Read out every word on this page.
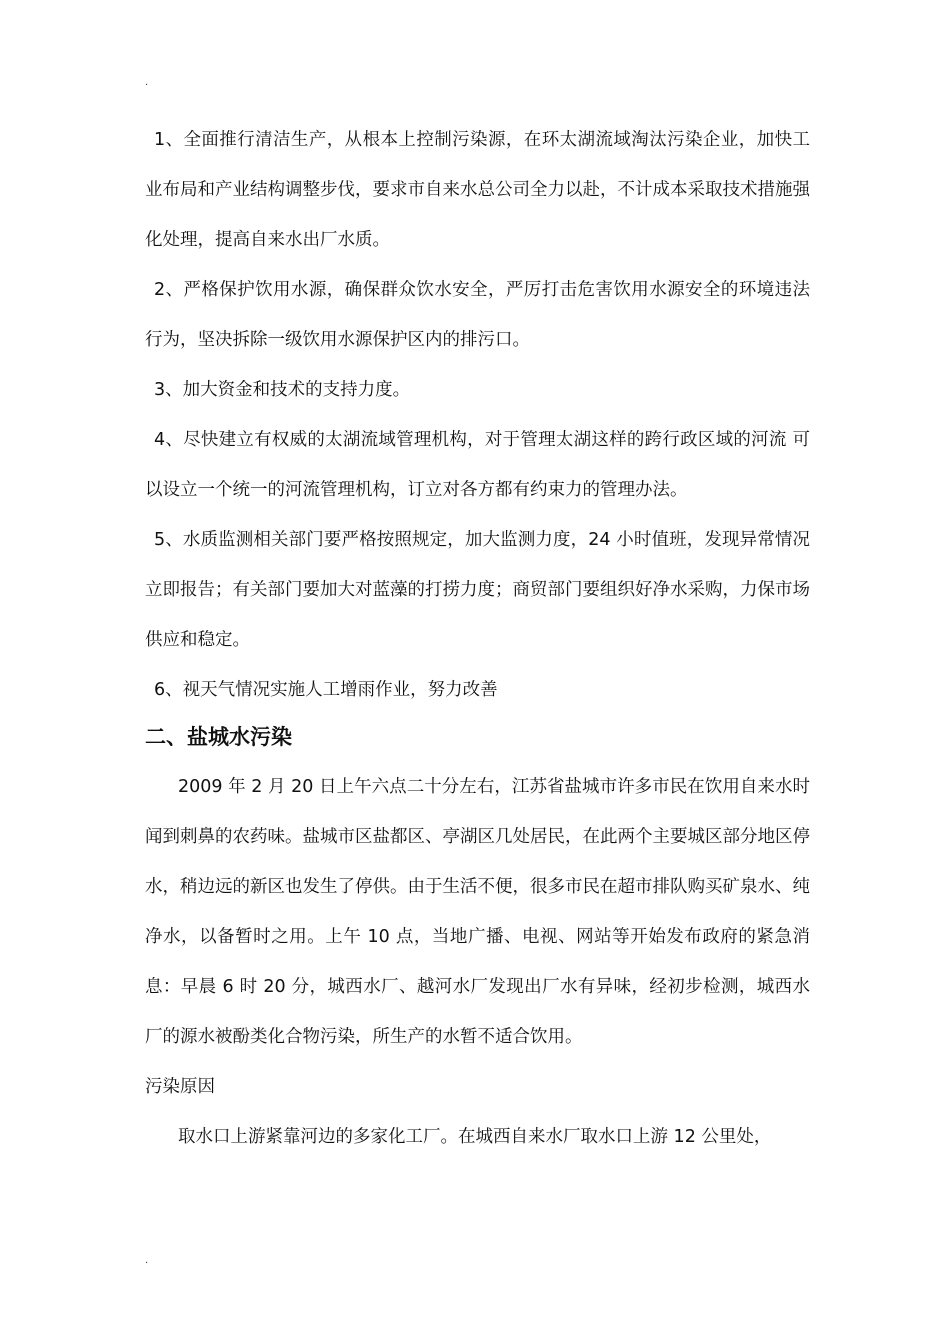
.

1、全面推行清洁生产，从根本上控制污染源，在环太湖流域淘汰污染企业，加快工业布局和产业结构调整步伐，要求市自来水总公司全力以赴，不计成本采取技术措施强化处理，提高自来水出厂水质。

2、严格保护饮用水源，确保群众饮水安全，严厉打击危害饮用水源安全的环境违法行为，坚决拆除一级饮用水源保护区内的排污口。

3、加大资金和技术的支持力度。

4、尽快建立有权威的太湖流域管理机构，对于管理太湖这样的跨行政区域的河流 可以设立一个统一的河流管理机构，订立对各方都有约束力的管理办法。

5、水质监测相关部门要严格按照规定，加大监测力度，24 小时值班，发现异常情况立即报告；有关部门要加大对蓝藻的打捞力度；商贸部门要组织好净水采购，力保市场供应和稳定。

6、视天气情况实施人工增雨作业，努力改善

二、盐城水污染

2009 年 2 月 20 日上午六点二十分左右，江苏省盐城市许多市民在饮用自来水时闻到刺鼻的农药味。盐城市区盐都区、亭湖区几处居民，在此两个主要城区部分地区停水，稍边远的新区也发生了停供。由于生活不便，很多市民在超市排队购买矿泉水、纯净水，以备暂时之用。上午 10 点，当地广播、电视、网站等开始发布政府的紧急消息：早晨 6 时 20 分，城西水厂、越河水厂发现出厂水有异味，经初步检测，城西水厂的源水被酚类化合物污染，所生产的水暂不适合饮用。

污染原因

取水口上游紧靠河边的多家化工厂。在城西自来水厂取水口上游 12 公里处，

.
